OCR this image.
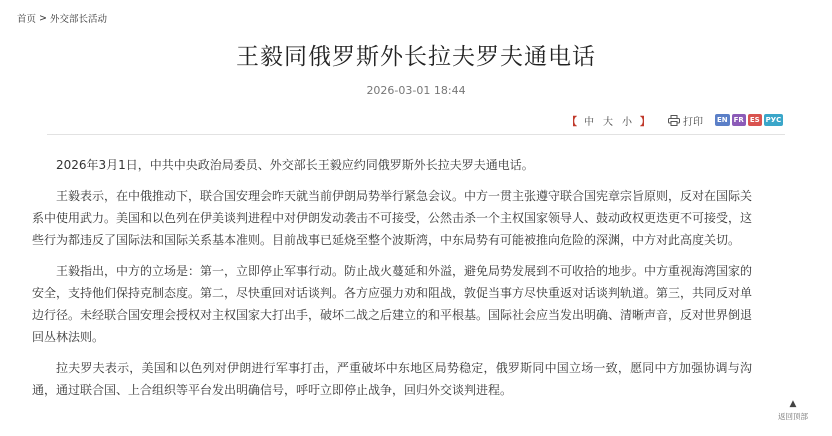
首页 > 外交部长活动
王毅同俄罗斯外长拉夫罗夫通电话
2026-03-01 18:44
【 中 大 小 】	打印 EN FR ES РУС

2026年3月1日，中共中央政治局委员、外交部长王毅应约同俄罗斯外长拉夫罗夫通电话。

王毅表示，在中俄推动下，联合国安理会昨天就当前伊朗局势举行紧急会议。中方一贯主张遵守联合国宪章宗旨原则，反对在国际关系中使用武力。美国和以色列在伊美谈判进程中对伊朗发动袭击不可接受，公然击杀一个主权国家领导人、鼓动政权更迭更不可接受，这些行为都违反了国际法和国际关系基本准则。目前战事已延烧至整个波斯湾，中东局势有可能被推向危险的深渊，中方对此高度关切。

王毅指出，中方的立场是：第一，立即停止军事行动。防止战火蔓延和外溢，避免局势发展到不可收拾的地步。中方重视海湾国家的安全，支持他们保持克制态度。第二，尽快重回对话谈判。各方应强力劝和阻战，敦促当事方尽快重返对话谈判轨道。第三，共同反对单边行径。未经联合国安理会授权对主权国家大打出手，破坏二战之后建立的和平根基。国际社会应当发出明确、清晰声音，反对世界倒退回丛林法则。

拉夫罗夫表示，美国和以色列对伊朗进行军事打击，严重破坏中东地区局势稳定，俄罗斯同中国立场一致，愿同中方加强协调与沟通，通过联合国、上合组织等平台发出明确信号，呼吁立即停止战争，回归外交谈判进程。

▲
返回顶部
